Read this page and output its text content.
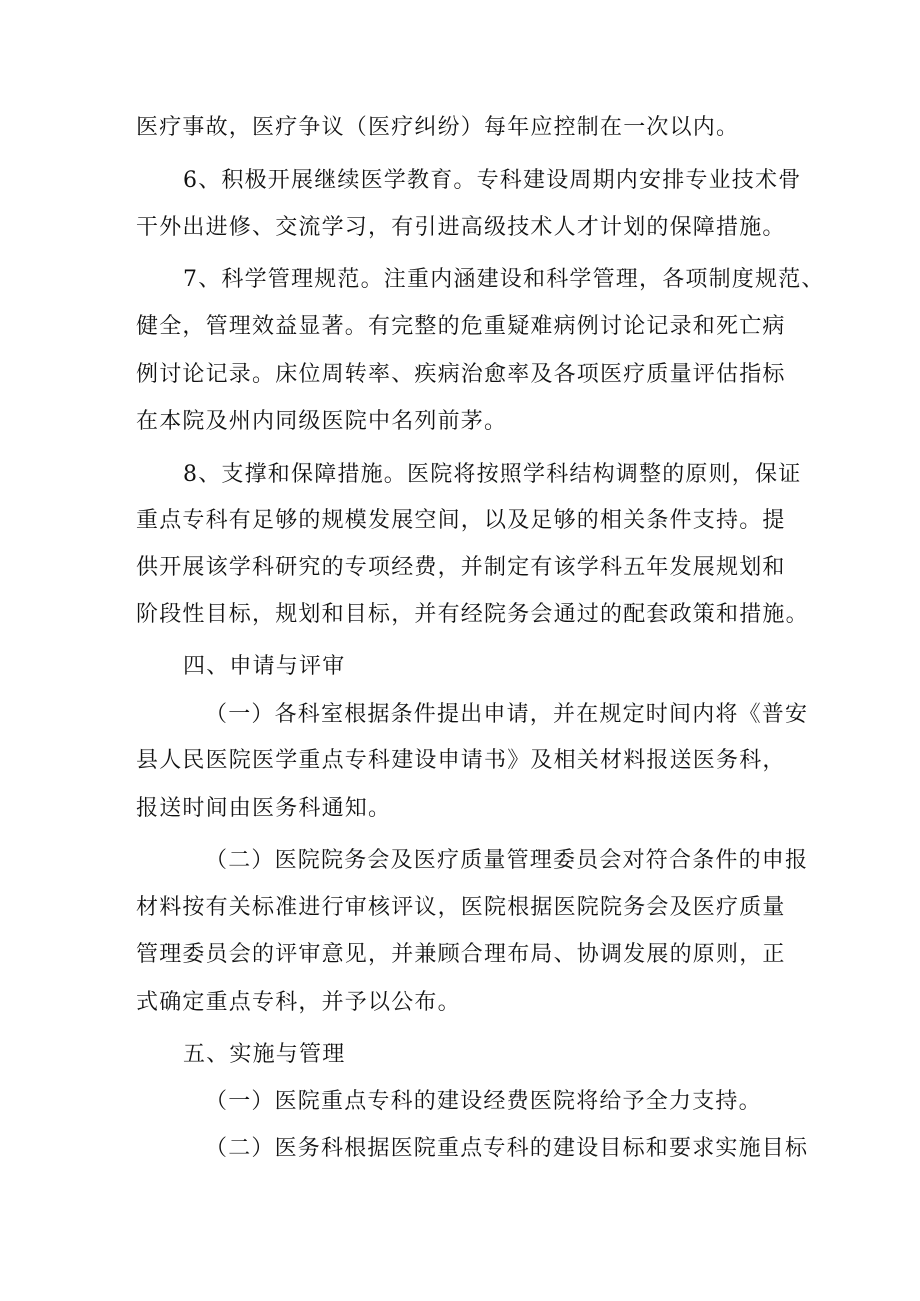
医疗事故，医疗争议（医疗纠纷）每年应控制在一次以内。
6、积极开展继续医学教育。专科建设周期内安排专业技术骨
干外出进修、交流学习，有引进高级技术人才计划的保障措施。
7、科学管理规范。注重内涵建设和科学管理，各项制度规范、
健全，管理效益显著。有完整的危重疑难病例讨论记录和死亡病
例讨论记录。床位周转率、疾病治愈率及各项医疗质量评估指标
在本院及州内同级医院中名列前茅。
8、支撑和保障措施。医院将按照学科结构调整的原则，保证
重点专科有足够的规模发展空间，以及足够的相关条件支持。提
供开展该学科研究的专项经费，并制定有该学科五年发展规划和
阶段性目标，规划和目标，并有经院务会通过的配套政策和措施。
四、申请与评审
（一）各科室根据条件提出申请，并在规定时间内将《普安
县人民医院医学重点专科建设申请书》及相关材料报送医务科，
报送时间由医务科通知。
（二）医院院务会及医疗质量管理委员会对符合条件的申报
材料按有关标准进行审核评议，医院根据医院院务会及医疗质量
管理委员会的评审意见，并兼顾合理布局、协调发展的原则，正
式确定重点专科，并予以公布。
五、实施与管理
（一）医院重点专科的建设经费医院将给予全力支持。
（二）医务科根据医院重点专科的建设目标和要求实施目标
